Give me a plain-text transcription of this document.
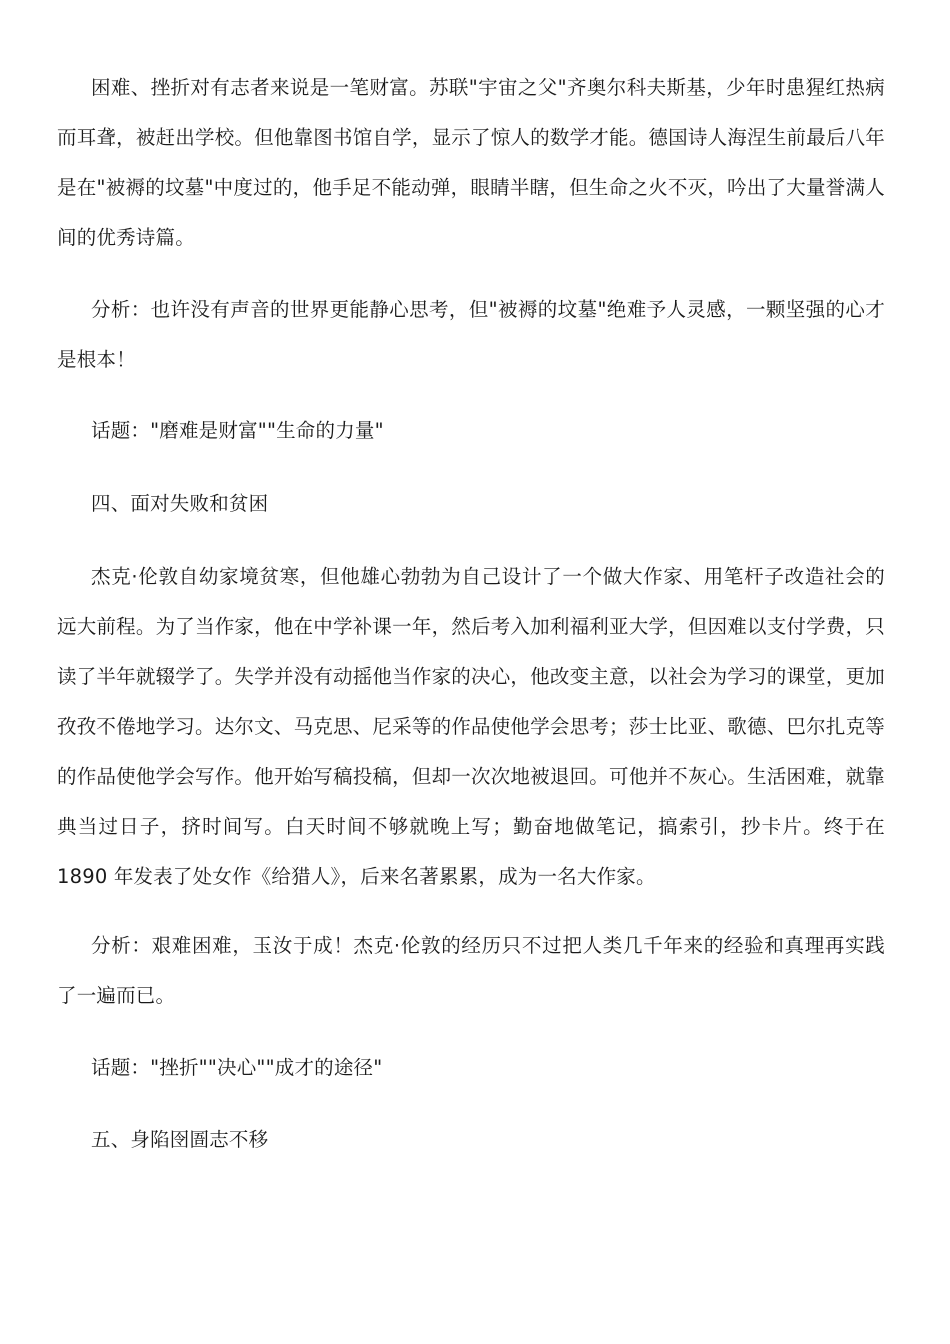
困难、挫折对有志者来说是一笔财富。苏联"宇宙之父"齐奥尔科夫斯基，少年时患猩红热病而耳聋，被赶出学校。但他靠图书馆自学，显示了惊人的数学才能。德国诗人海涅生前最后八年是在"被褥的坟墓"中度过的，他手足不能动弹，眼睛半瞎，但生命之火不灭，吟出了大量誉满人间的优秀诗篇。

分析：也许没有声音的世界更能静心思考，但"被褥的坟墓"绝难予人灵感，一颗坚强的心才是根本！

话题："磨难是财富""生命的力量"

四、面对失败和贫困

杰克·伦敦自幼家境贫寒，但他雄心勃勃为自己设计了一个做大作家、用笔杆子改造社会的远大前程。为了当作家，他在中学补课一年，然后考入加利福利亚大学，但因难以支付学费，只读了半年就辍学了。失学并没有动摇他当作家的决心，他改变主意，以社会为学习的课堂，更加孜孜不倦地学习。达尔文、马克思、尼采等的作品使他学会思考；莎士比亚、歌德、巴尔扎克等的作品使他学会写作。他开始写稿投稿，但却一次次地被退回。可他并不灰心。生活困难，就靠典当过日子，挤时间写。白天时间不够就晚上写；勤奋地做笔记，搞索引，抄卡片。终于在 1890 年发表了处女作《给猎人》，后来名著累累，成为一名大作家。

分析：艰难困难，玉汝于成！杰克·伦敦的经历只不过把人类几千年来的经验和真理再实践了一遍而已。

话题："挫折""决心""成才的途径"

五、身陷囹圄志不移
